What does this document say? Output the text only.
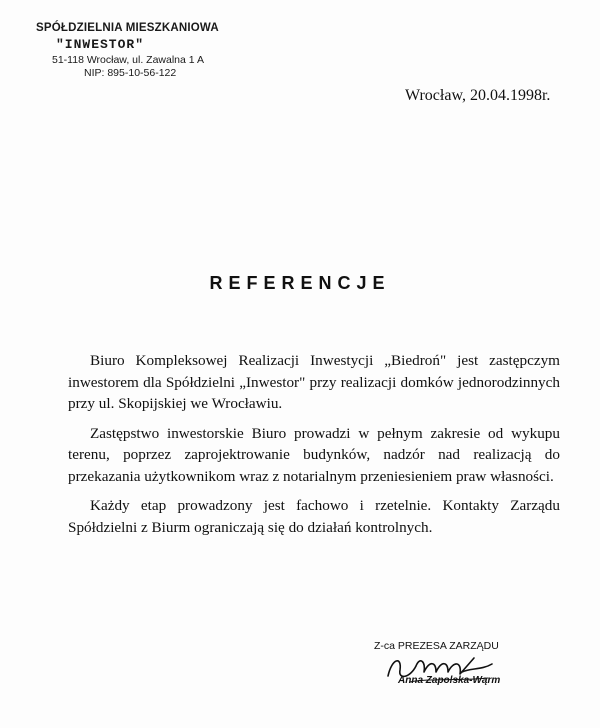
SPÓŁDZIELNIA MIESZKANIOWA
"INWESTOR"
51-118 Wrocław, ul. Zawalna 1 A
NIP: 895-10-56-122
Wrocław, 20.04.1998r.
REFERENCJE

Biuro Kompleksowej Realizacji Inwestycji „Biedroń" jest zastępczym inwestorem dla Spółdzielni „Inwestor" przy realizacji domków jednorodzinnych przy ul. Skopijskiej we Wrocławiu.

Zastępstwo inwestorskie Biuro prowadzi w pełnym zakresie od wykupu terenu, poprzez zaprojektrowanie budynków, nadzór nad realizacją do przekazania użytkownikom wraz z notarialnym przeniesieniem praw własności.

Każdy etap prowadzony jest fachowo i rzetelnie. Kontakty Zarządu Spółdzielni z Biurm ograniczają się do działań kontrolnych.

Z-ca PREZESA ZARZĄDU
Anna Zapolska-Wąrm
